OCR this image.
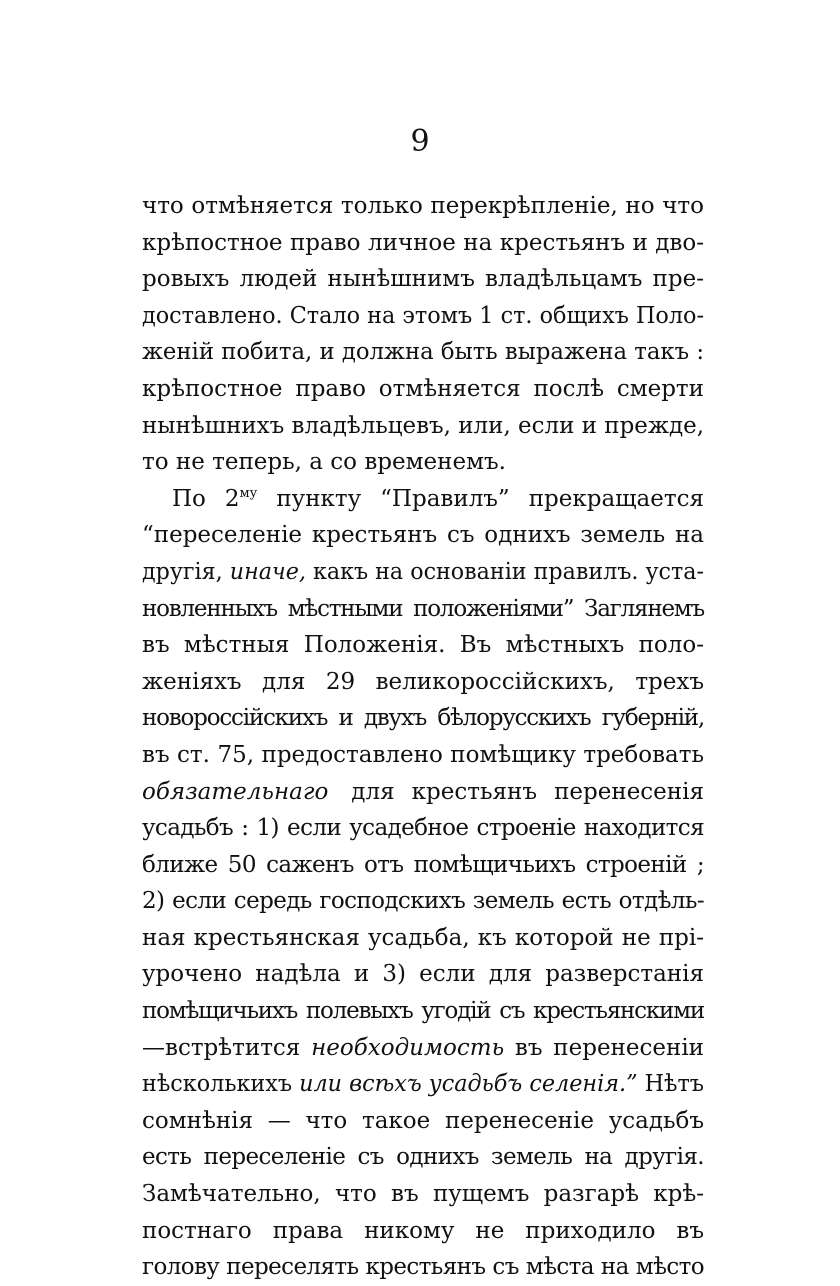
9
что отмѣняется только перекрѣпленіе, но что
крѣпостное право личное на крестьянъ и дво-
ровыхъ людей нынѣшнимъ владѣльцамъ пре-
доставлено. Стало на этомъ 1 ст. общихъ Поло-
женій побита, и должна быть выражена такъ :
крѣпостное право отмѣняется послѣ смерти
нынѣшнихъ владѣльцевъ, или, если и прежде,
то не теперь, а со временемъ.
По $2^{му}$ пункту “Правилъ” прекращается
“переселеніе крестьянъ съ однихъ земель на
другія, иначе, какъ на основаніи правилъ. уста-
новленныхъ мѣстными положеніями” Заглянемъ
въ мѣстныя Положенія. Въ мѣстныхъ поло-
женіяхъ для 29 великороссійскихъ, трехъ
новороссійскихъ и двухъ бѣлорусскихъ губерній,
въ ст. 75, предоставлено помѣщику требовать
обязательнаго  для крестьянъ перенесенія
усадьбъ : 1) если усадебное строеніе находится
ближе 50 саженъ отъ помѣщичьихъ строеній ;
2) если середь господскихъ земель есть отдѣль-
ная крестьянская усадьба, къ которой не прі-
урочено надѣла и 3) если для разверстанія
помѣщичьихъ полевыхъ угодій съ крестьянскими
—встрѣтится необходимость въ перенесеніи
нѣсколькихъ или всѣхъ усадьбъ селенія.” Нѣтъ
сомнѣнія — что такое перенесеніе усадьбъ
есть переселеніе съ однихъ земель на другія.
Замѣчательно, что въ пущемъ разгарѣ крѣ-
постнаго права никому не приходило въ
голову переселять крестьянъ съ мѣста на мѣсто
